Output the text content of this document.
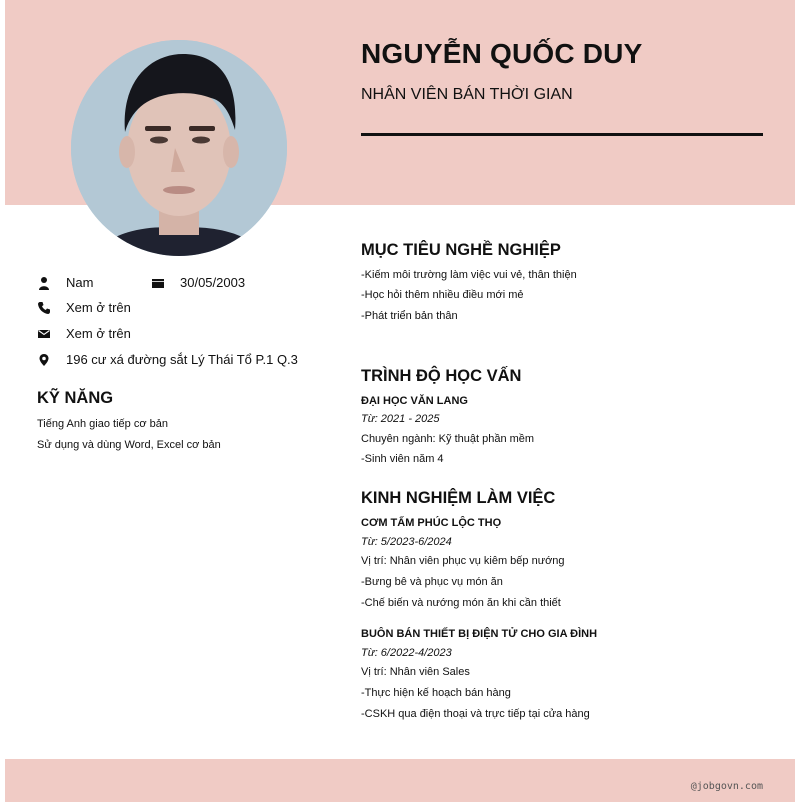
NGUYỄN QUỐC DUY
NHÂN VIÊN BÁN THỜI GIAN
Nam	30/05/2003
Xem ở trên
Xem ở trên
196 cư xá đường sắt Lý Thái Tổ P.1 Q.3
KỸ NĂNG
Tiếng Anh giao tiếp cơ bản
Sử dụng và dùng Word, Excel cơ bản
MỤC TIÊU NGHỀ NGHIỆP
-Kiếm môi trường làm việc vui vẻ, thân thiện
-Học hỏi thêm nhiều điều mới mẻ
-Phát triển bản thân
TRÌNH ĐỘ HỌC VẤN
ĐẠI HỌC VĂN LANG
Từ: 2021 - 2025
Chuyên ngành: Kỹ thuật phần mềm
-Sinh viên năm 4
KINH NGHIỆM LÀM VIỆC
CƠM TẤM PHÚC LỘC THỌ
Từ: 5/2023-6/2024
Vị trí: Nhân viên phục vụ kiêm bếp nướng
-Bưng bê và phục vụ món ăn
-Chế biến và nướng món ăn khi cần thiết
BUÔN BÁN THIẾT BỊ ĐIỆN TỬ CHO GIA ĐÌNH
Từ: 6/2022-4/2023
Vị trí: Nhân viên Sales
-Thực hiện kế hoạch bán hàng
-CSKH qua điện thoại và trực tiếp tại cửa hàng
@jobgovn.com
